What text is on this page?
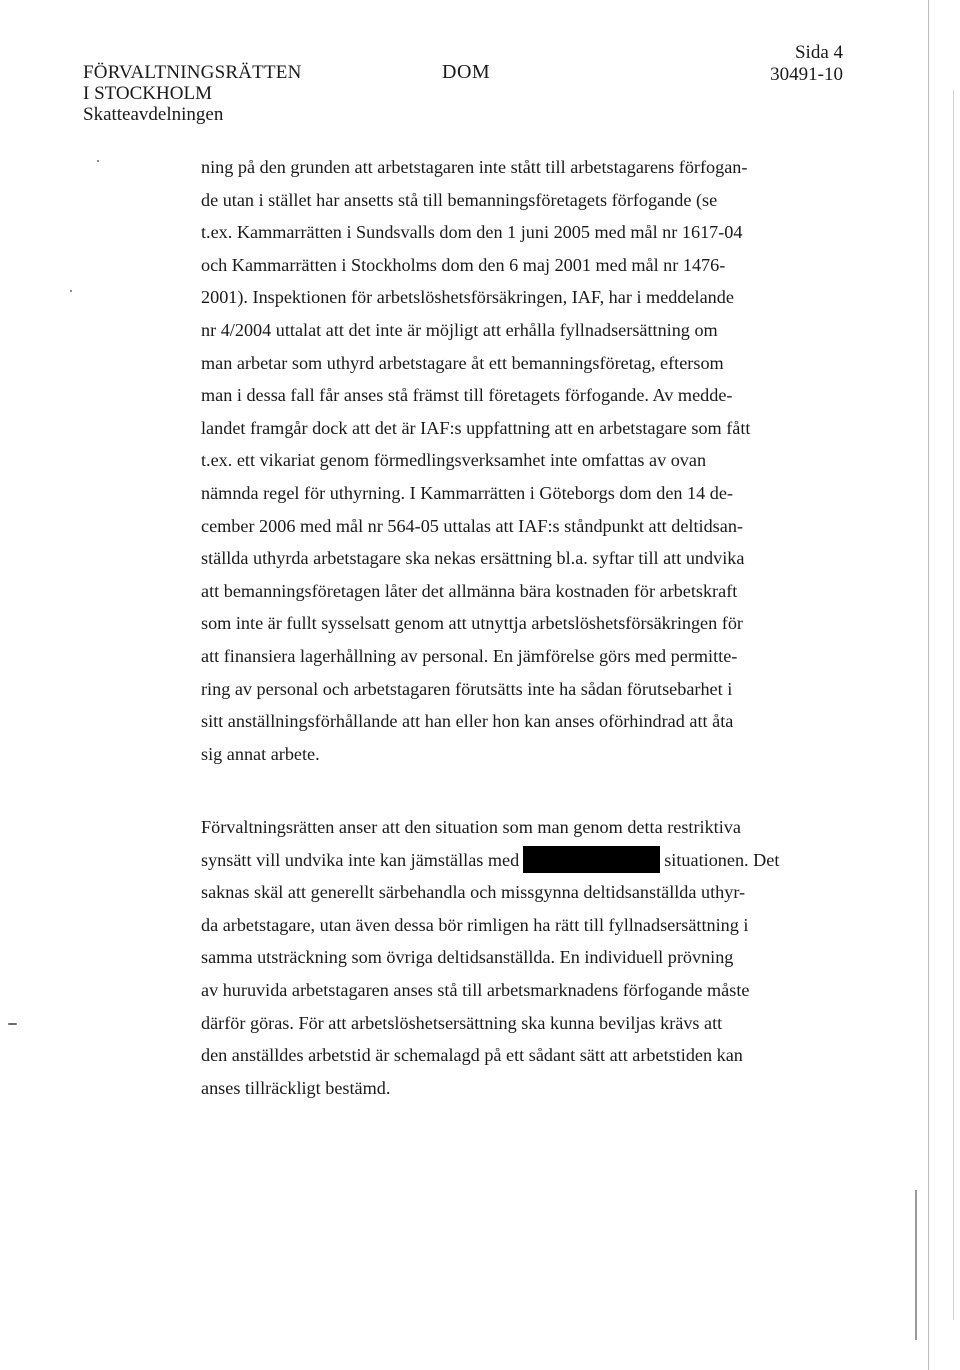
FÖRVALTNINGSRÄTTEN
I STOCKHOLM
Skatteavdelningen
DOM
Sida 4
30491-10
ning på den grunden att arbetstagaren inte stått till arbetstagarens förfogan-
de utan i stället har ansetts stå till bemanningsföretagets förfogande (se
t.ex. Kammarrätten i Sundsvalls dom den 1 juni 2005 med mål nr 1617-04
och Kammarrätten i Stockholms dom den 6 maj 2001 med mål nr 1476-
2001). Inspektionen för arbetslöshetsförsäkringen, IAF, har i meddelande
nr 4/2004 uttalat att det inte är möjligt att erhålla fyllnadsersättning om
man arbetar som uthyrd arbetstagare åt ett bemanningsföretag, eftersom
man i dessa fall får anses stå främst till företagets förfogande. Av medde-
landet framgår dock att det är IAF:s uppfattning att en arbetstagare som fått
t.ex. ett vikariat genom förmedlingsverksamhet inte omfattas av ovan
nämnda regel för uthyrning. I Kammarrätten i Göteborgs dom den 14 de-
cember 2006 med mål nr 564-05 uttalas att IAF:s ståndpunkt att deltidsan-
ställda uthyrda arbetstagare ska nekas ersättning bl.a. syftar till att undvika
att bemanningsföretagen låter det allmänna bära kostnaden för arbetskraft
som inte är fullt sysselsatt genom att utnyttja arbetslöshetsförsäkringen för
att finansiera lagerhållning av personal. En jämförelse görs med permitte-
ring av personal och arbetstagaren förutsätts inte ha sådan förutsebarhet i
sitt anställningsförhållande att han eller hon kan anses oförhindrad att åta
sig annat arbete.
Förvaltningsrätten anser att den situation som man genom detta restriktiva
synsätt vill undvika inte kan jämställas med	situationen. Det
saknas skäl att generellt särbehandla och missgynna deltidsanställda uthyr-
da arbetstagare, utan även dessa bör rimligen ha rätt till fyllnadsersättning i
samma utsträckning som övriga deltidsanställda. En individuell prövning
av huruvida arbetstagaren anses stå till arbetsmarknadens förfogande måste
därför göras. För att arbetslöshetsersättning ska kunna beviljas krävs att
den anställdes arbetstid är schemalagd på ett sådant sätt att arbetstiden kan
anses tillräckligt bestämd.
